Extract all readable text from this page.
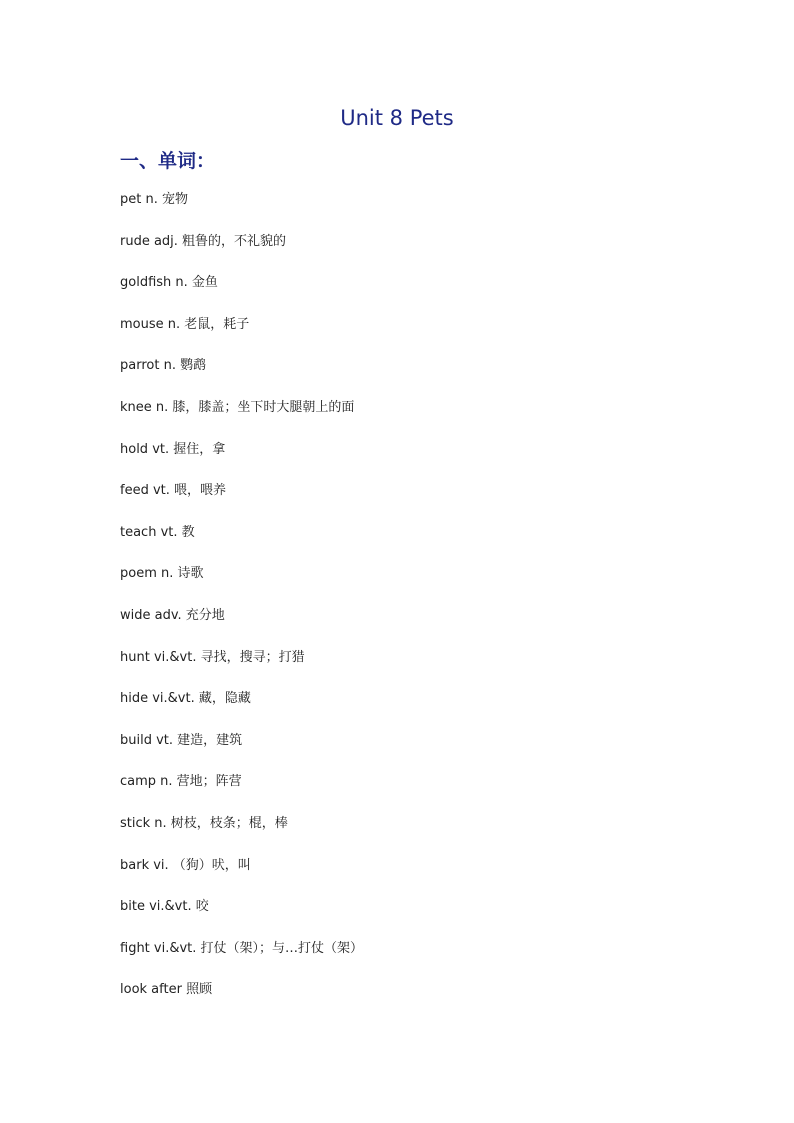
Unit 8 Pets
一、单词：
pet n. 宠物
rude adj. 粗鲁的，不礼貌的
goldfish n. 金鱼
mouse n. 老鼠，耗子
parrot n. 鹦鹉
knee n. 膝，膝盖；坐下时大腿朝上的面
hold vt. 握住，拿
feed vt. 喂，喂养
teach vt. 教
poem n. 诗歌
wide adv. 充分地
hunt vi.&vt. 寻找，搜寻；打猎
hide vi.&vt. 藏，隐藏
build vt. 建造，建筑
camp n. 营地；阵营
stick n. 树枝，枝条；棍，棒
bark vi. （狗）吠，叫
bite vi.&vt. 咬
fight vi.&vt. 打仗（架）；与…打仗（架）
look after 照顾
